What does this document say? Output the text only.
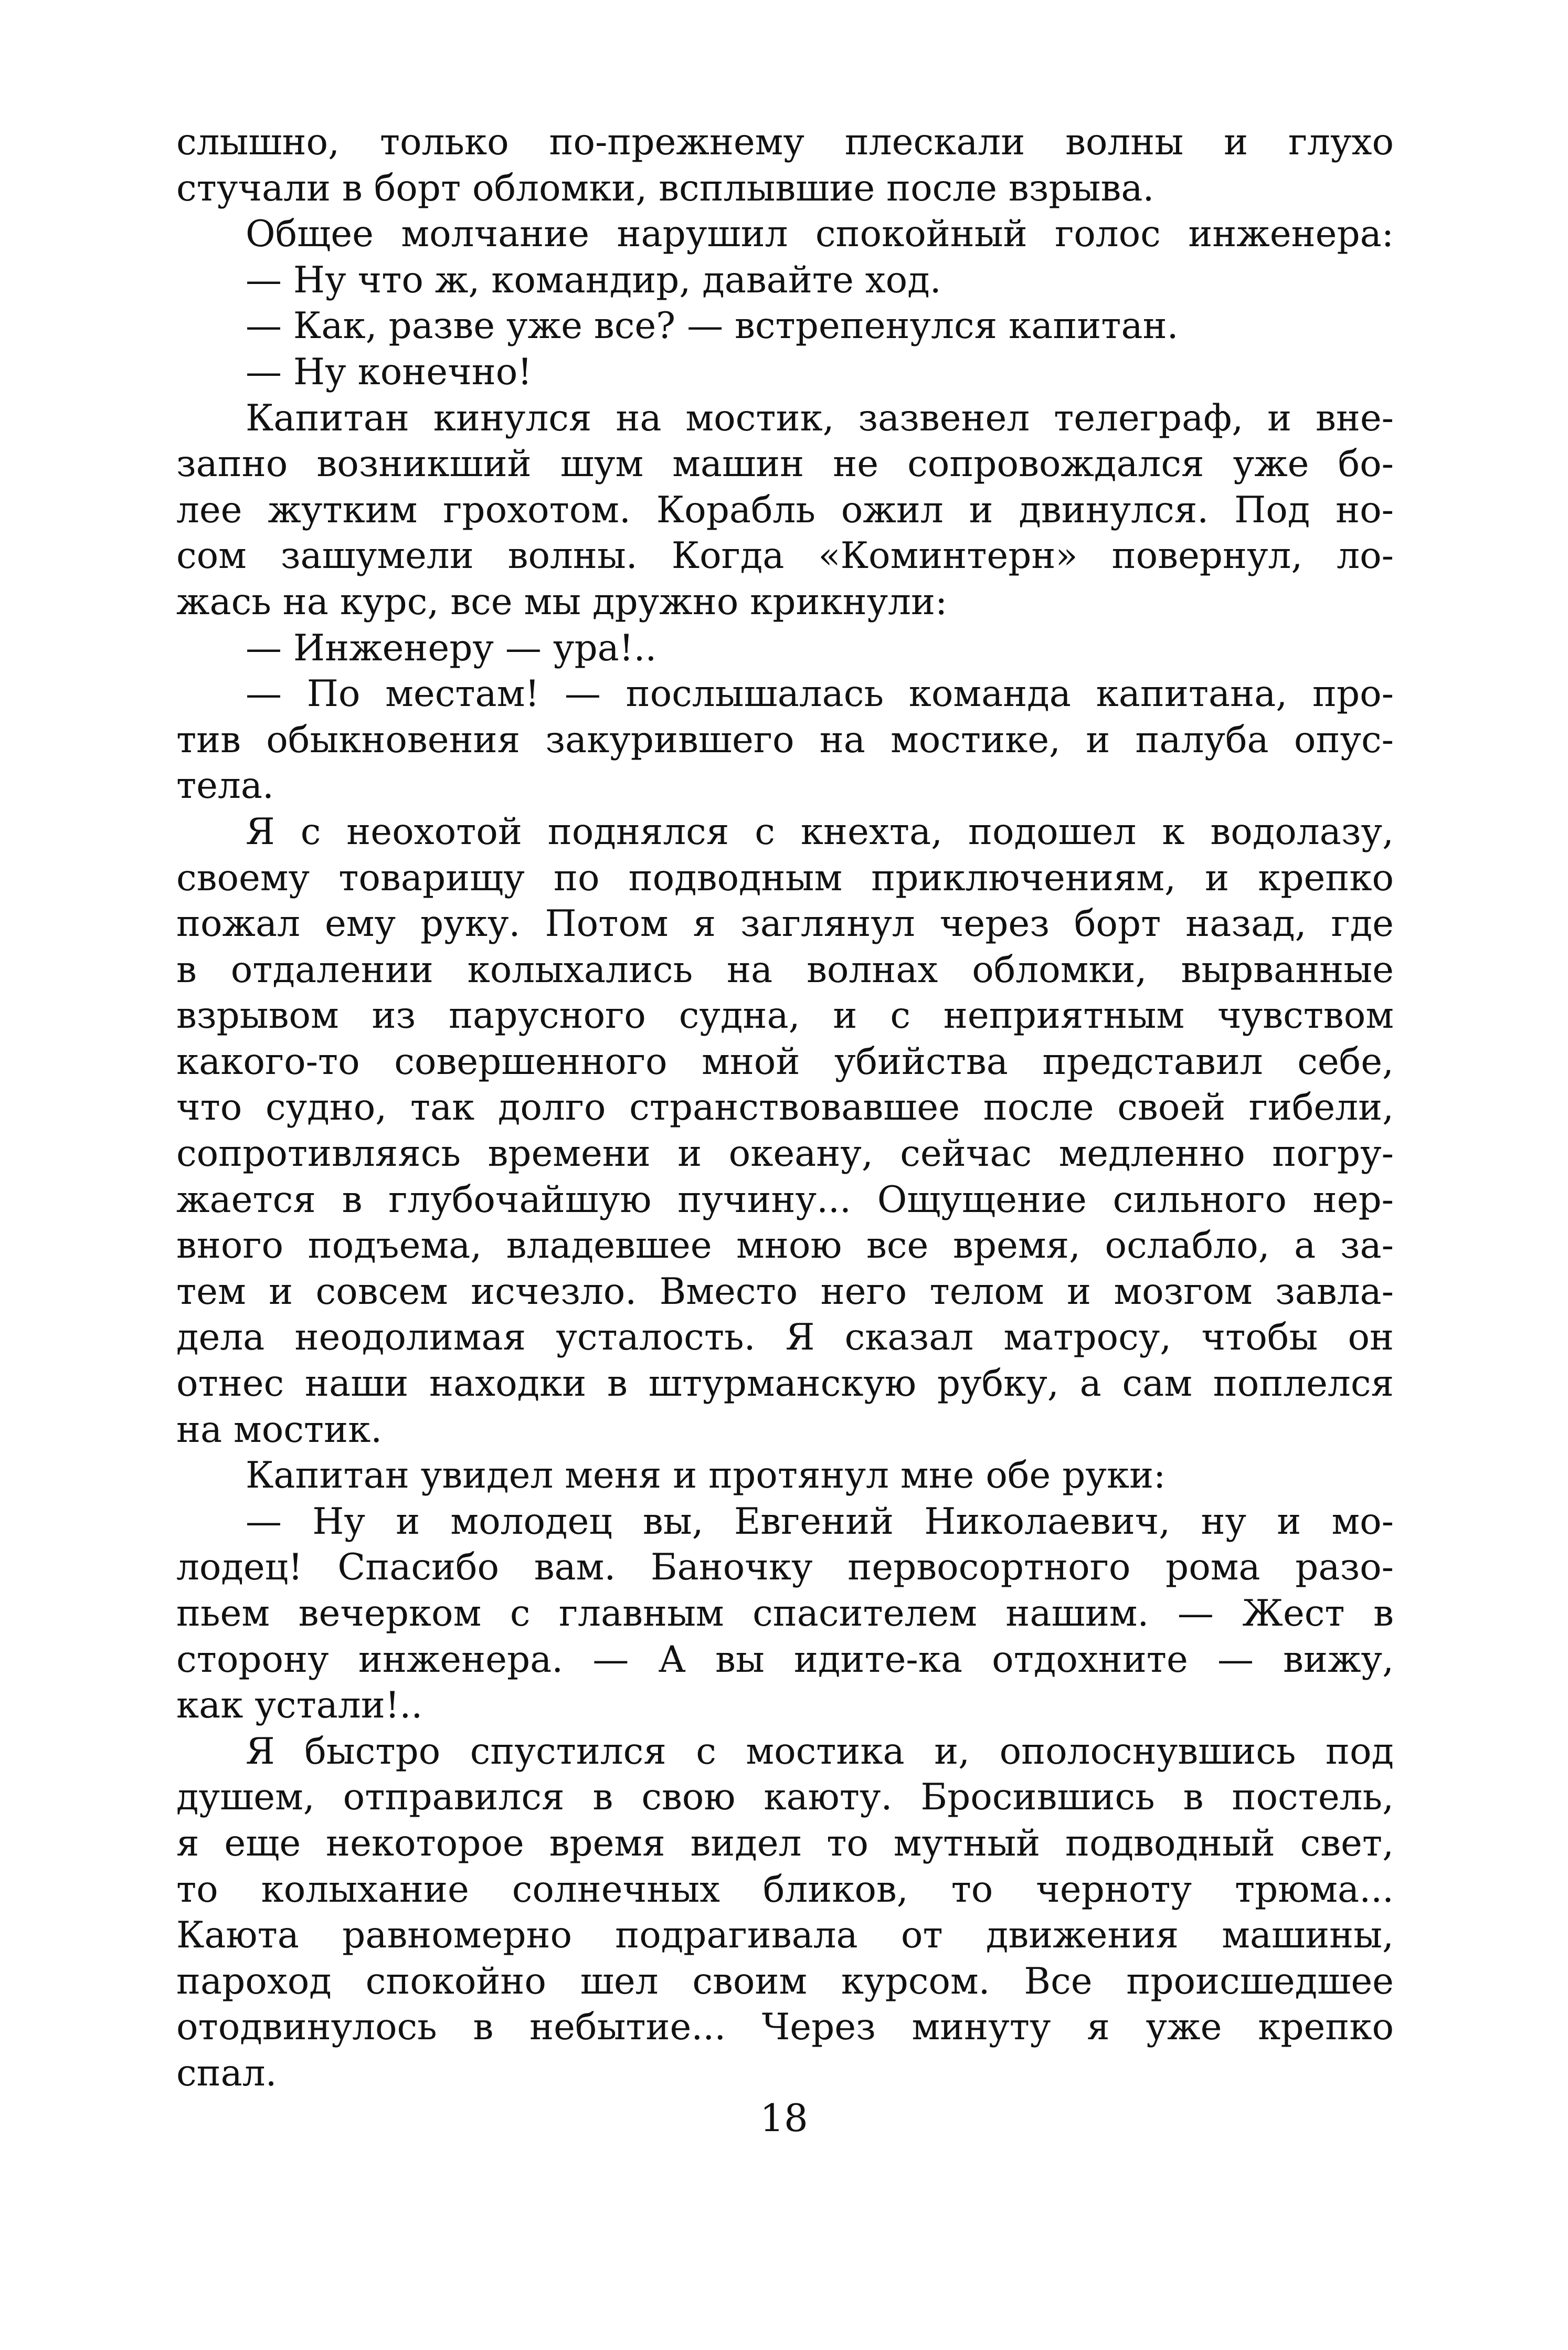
слышно, только по-прежнему плескали волны и глухо
стучали в борт обломки, всплывшие после взрыва.
Общее молчание нарушил спокойный голос инженера:
— Ну что ж, командир, давайте ход.
— Как, разве уже все? — встрепенулся капитан.
— Ну конечно!
Капитан кинулся на мостик, зазвенел телеграф, и вне-
запно возникший шум машин не сопровождался уже бо-
лее жутким грохотом. Корабль ожил и двинулся. Под но-
сом зашумели волны. Когда «Коминтерн» повернул, ло-
жась на курс, все мы дружно крикнули:
— Инженеру — ура!..
— По местам! — послышалась команда капитана, про-
тив обыкновения закурившего на мостике, и палуба опус-
тела.
Я с неохотой поднялся с кнехта, подошел к водолазу,
своему товарищу по подводным приключениям, и крепко
пожал ему руку. Потом я заглянул через борт назад, где
в отдалении колыхались на волнах обломки, вырванные
взрывом из парусного судна, и с неприятным чувством
какого-то совершенного мной убийства представил себе,
что судно, так долго странствовавшее после своей гибели,
сопротивляясь времени и океану, сейчас медленно погру-
жается в глубочайшую пучину... Ощущение сильного нер-
вного подъема, владевшее мною все время, ослабло, а за-
тем и совсем исчезло. Вместо него телом и мозгом завла-
дела неодолимая усталость. Я сказал матросу, чтобы он
отнес наши находки в штурманскую рубку, а сам поплелся
на мостик.
Капитан увидел меня и протянул мне обе руки:
— Ну и молодец вы, Евгений Николаевич, ну и мо-
лодец! Спасибо вам. Баночку первосортного рома разо-
пьем вечерком с главным спасителем нашим. — Жест в
сторону инженера. — А вы идите-ка отдохните — вижу,
как устали!..
Я быстро спустился с мостика и, ополоснувшись под
душем, отправился в свою каюту. Бросившись в постель,
я еще некоторое время видел то мутный подводный свет,
то колыхание солнечных бликов, то черноту трюма...
Каюта равномерно подрагивала от движения машины,
пароход спокойно шел своим курсом. Все происшедшее
отодвинулось в небытие... Через минуту я уже крепко
спал.
18
